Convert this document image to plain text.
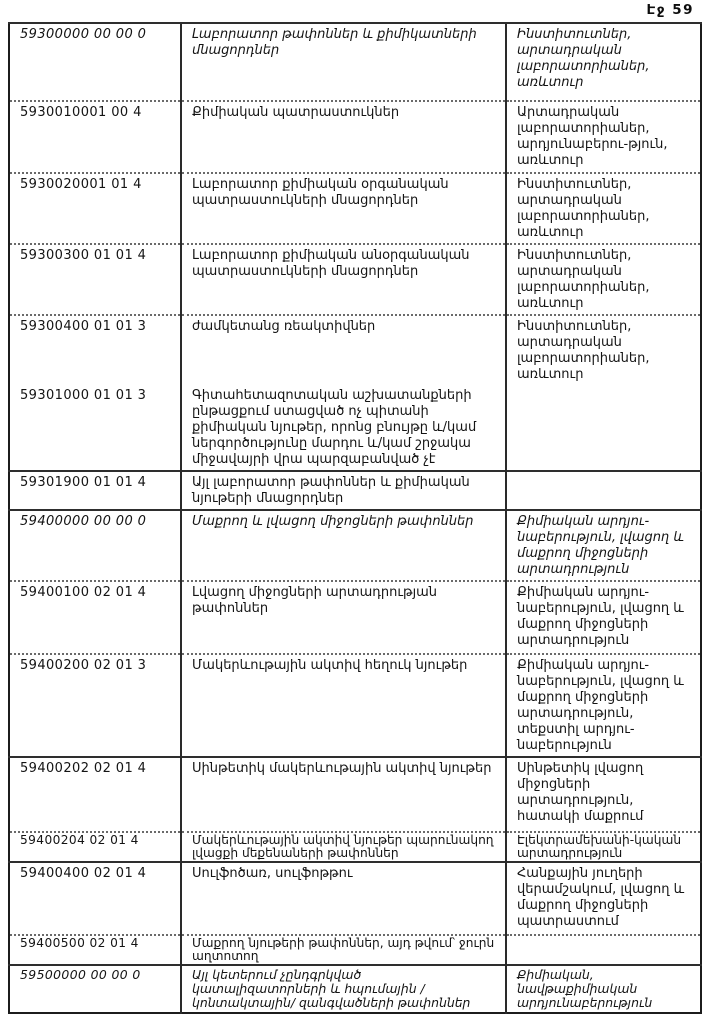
Էջ 59
59300000 00 00 0	Լաբորատոր թափոններ և քիմիկատների մնացորդներ	Ինստիտուտներ, արտադրական լաբորատորիաներ, առևտուր
5930010001 00 4	Քիմիական պատրաստուկներ	Արտադրական լաբորատորիաներ, արդյունաբերու-թյուն, առևտուր
5930020001 01 4	Լաբորատոր քիմիական օրգանական պատրաստուկների մնացորդներ	Ինստիտուտներ, արտադրական լաբորատորիաներ, առևտուր
59300300 01 01 4	Լաբորատոր քիմիական անօրգանական պատրաստուկների մնացորդներ	Ինստիտուտներ, արտադրական լաբորատորիաներ, առևտուր
59300400 01 01 3	ժամկետանց ռեակտիվներ	Ինստիտուտներ, արտադրական լաբորատորիաներ, առևտուր
59301000 01 01 3	Գիտահետազոտական աշխատանքների ընթացքում ստացված ոչ պիտանի քիմիական նյութեր, որոնց բնույթը և/կամ ներգործությունը մարդու և/կամ շրջակա միջավայրի վրա պարզաբանված չէ	
59301900 01 01 4	Այլ լաբորատոր թափոններ և քիմիական նյութերի մնացորդներ	
59400000 00 00 0	Մաքրող և լվացող միջոցների թափոններ	Քիմիական արդյու-նաբերություն, լվացող և մաքրող միջոցների արտադրություն
59400100 02 01 4	Լվացող միջոցների արտադրության թափոններ	Քիմիական արդյու-նաբերություն, լվացող և մաքրող միջոցների արտադրություն
59400200 02 01 3	Մակերևութային ակտիվ հեղուկ նյութեր	Քիմիական արդյու-նաբերություն, լվացող և մաքրող միջոցների արտադրություն, տեքստիլ արդյու-նաբերություն
59400202 02 01 4	Սինթետիկ մակերևութային ակտիվ նյութեր	Սինթետիկ լվացող միջոցների արտադրություն, հատակի մաքրում
59400204 02 01 4	Մակերևութային ակտիվ նյութեր պարունակող լվացքի մեքենաների թափոններ	Էլեկտրամեխանի-կական արտադրություն
59400400 02 01 4	Սուլֆոծառ, սուլֆոթթու	Հանքային յուղերի վերամշակում, լվացող և մաքրող միջոցների պատրաստում
59400500 02 01 4	Մաքրող նյութերի թափոններ, այդ թվում՝ ջուրն աղտոտող	
59500000 00 00 0	Այլ կետերում չընդգրկված կատալիզատորների և հպումային /կոնտակտային/ զանգվածների թափոններ	Քիմիական, նավթաքիմիական արդյունաբերություն
